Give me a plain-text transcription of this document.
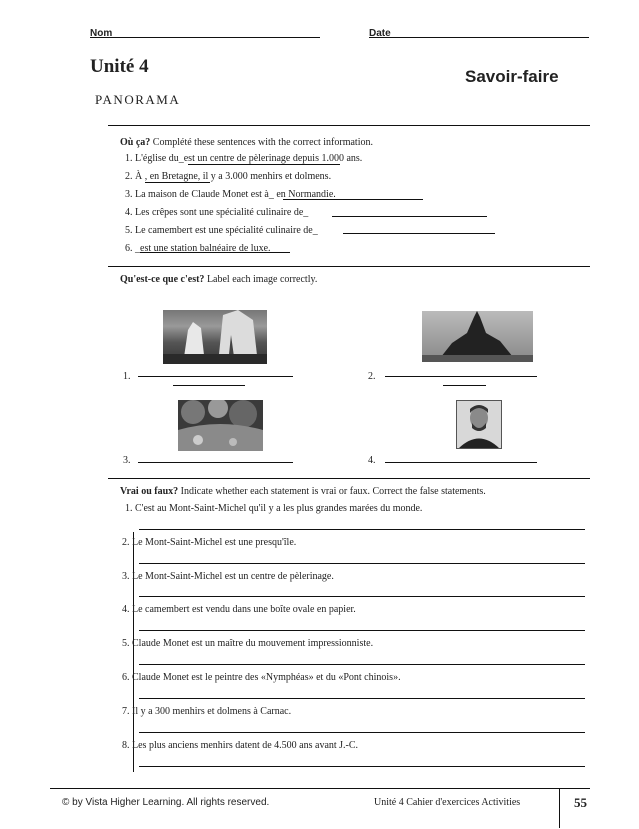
Nom	Date
Unité 4	Savoir-faire
PANORAMA
Où ça? Complété these sentences with the correct information.
1. L'église du_est un centre de pèlerinage depuis 1.000 ans.
2. À , en Bretagne, il y a 3.000 menhirs et dolmens.
3. La maison de Claude Monet est à_ en Normandie.
4. Les crêpes sont une spécialité culinaire de_
5. Le camembert est une spécialité culinaire de_
6. _est une station balnéaire de luxe.
Qu'est-ce que c'est? Label each image correctly.
1.	2.
3.	4.
Vrai ou faux? Indicate whether each statement is vrai or faux. Correct the false statements.
1. C'est au Mont-Saint-Michel qu'il y a les plus grandes marées du monde.
2. Le Mont-Saint-Michel est une presqu'île.
3. Le Mont-Saint-Michel est un centre de pèlerinage.
4. Le camembert est vendu dans une boîte ovale en papier.
5. Claude Monet est un maître du mouvement impressionniste.
6. Claude Monet est le peintre des «Nymphéas» et du «Pont chinois».
7. Il y a 300 menhirs et dolmens à Carnac.
8. Les plus anciens menhirs datent de 4.500 ans avant J.-C.
© by Vista Higher Learning. All rights reserved.	Unité 4 Cahier d'exercices Activities	55
